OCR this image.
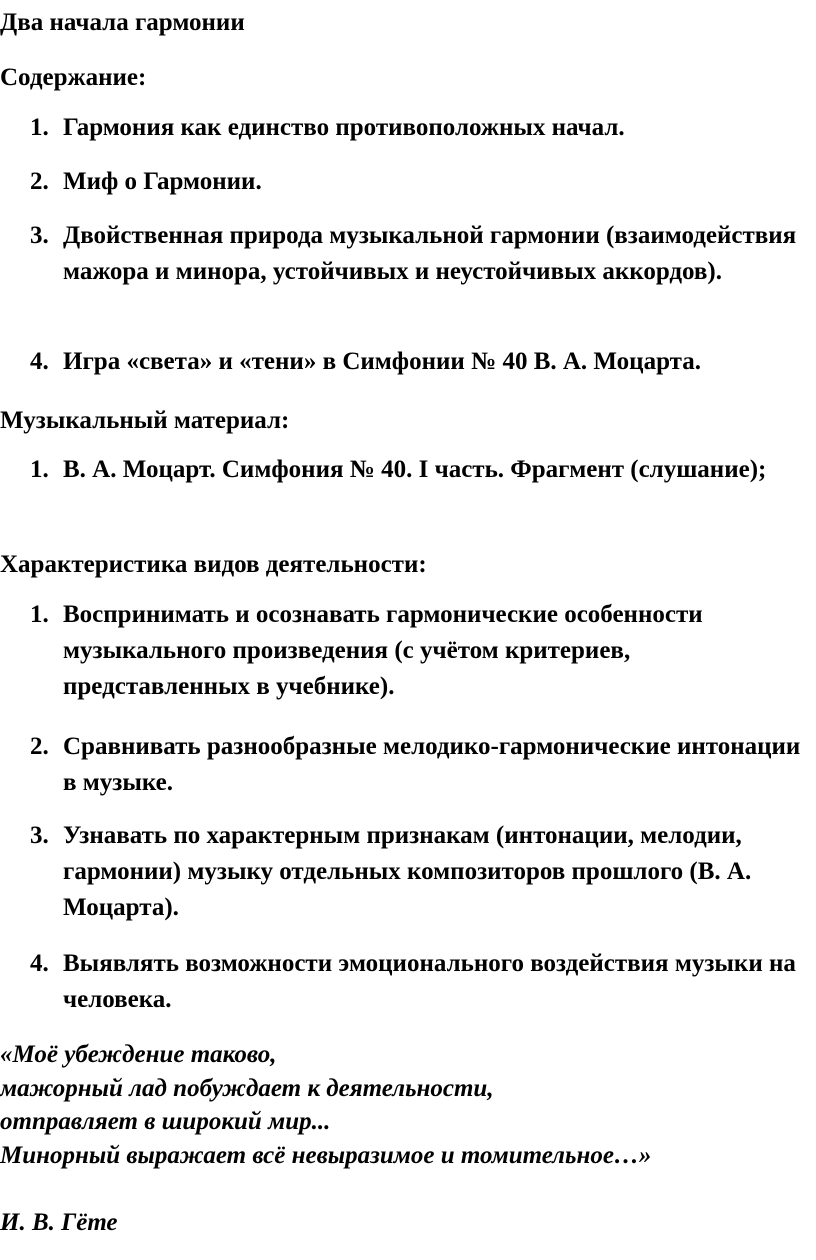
Два начала гармонии
Содержание:
1. Гармония как единство противоположных начал.
2. Миф о Гармонии.
3. Двойственная природа музыкальной гармонии (взаимодействия мажора и минора, устойчивых и неустойчивых аккордов).
4. Игра «света» и «тени» в Симфонии № 40 В. А. Моцарта.
Музыкальный материал:
1. В. А. Моцарт. Симфония № 40. I часть. Фрагмент (слушание);
Характеристика видов деятельности:
1. Воспринимать и осознавать гармонические особенности музыкального произведения (с учётом критериев, представленных в учебнике).
2. Сравнивать разнообразные мелодико-гармонические интонации в музыке.
3. Узнавать по характерным признакам (интонации, мелодии, гармонии) музыку отдельных композиторов прошлого (В. А. Моцарта).
4. Выявлять возможности эмоционального воздействия музыки на человека.
«Моё убеждение таково,
мажорный лад побуждает к деятельности,
отправляет в широкий мир...
Минорный выражает всё невыразимое и томительное…»
И. В. Гёте
